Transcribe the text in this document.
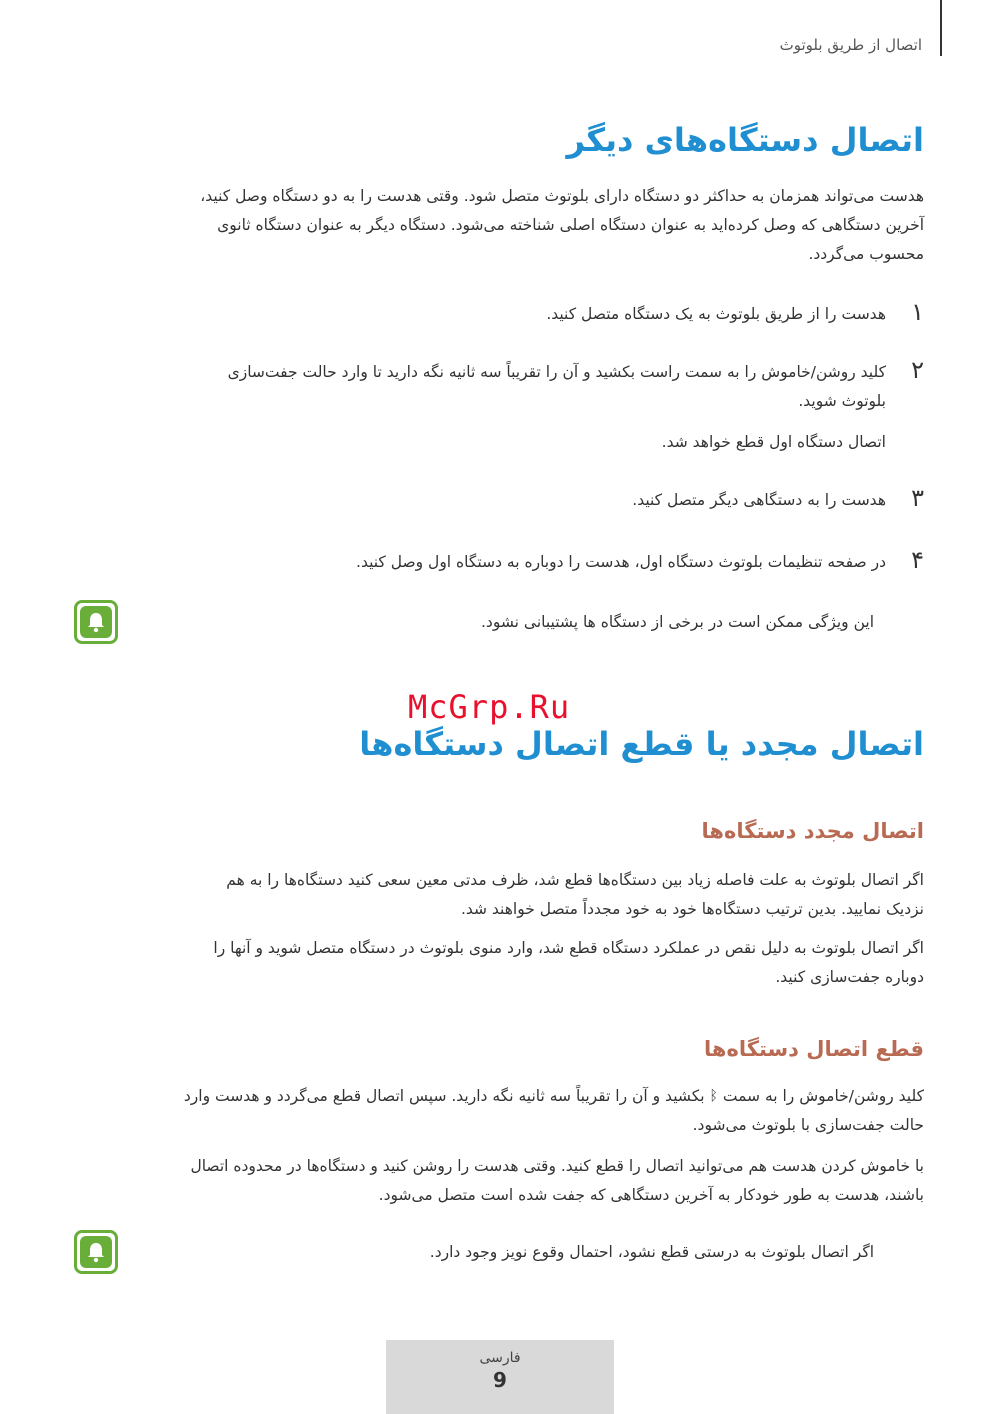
اتصال از طریق بلوتوث
اتصال دستگاه‌های دیگر
هدست می‌تواند همزمان به حداکثر دو دستگاه دارای بلوتوث متصل شود. وقتی هدست را به دو دستگاه وصل کنید،
آخرین دستگاهی که وصل کرده‌اید به عنوان دستگاه اصلی شناخته می‌شود. دستگاه دیگر به عنوان دستگاه ثانوی
محسوب می‌گردد.
۱
هدست را از طریق بلوتوث به یک دستگاه متصل کنید.
۲
کلید روشن/خاموش را به سمت راست بکشید و آن را تقریباً سه ثانیه نگه دارید تا وارد حالت جفت‌سازی
بلوتوث شوید.
اتصال دستگاه اول قطع خواهد شد.
۳
هدست را به دستگاهی دیگر متصل کنید.
۴
در صفحه تنظیمات بلوتوث دستگاه اول، هدست را دوباره به دستگاه اول وصل کنید.
این ویژگی ممکن است در برخی از دستگاه ها پشتیبانی نشود.
McGrp.Ru
اتصال مجدد یا قطع اتصال دستگاه‌ها
اتصال مجدد دستگاه‌ها
اگر اتصال بلوتوث به علت فاصله زیاد بین دستگاه‌ها قطع شد، ظرف مدتی معین سعی کنید دستگاه‌ها را به هم
نزدیک نمایید. بدین ترتیب دستگاه‌ها خود به خود مجدداً متصل خواهند شد.
اگر اتصال بلوتوث به دلیل نقص در عملکرد دستگاه قطع شد، وارد منوی بلوتوث در دستگاه متصل شوید و آنها را
دوباره جفت‌سازی کنید.
قطع اتصال دستگاه‌ها
کلید روشن/خاموش را به سمت ᛒ بکشید و آن را تقریباً سه ثانیه نگه دارید. سپس اتصال قطع می‌گردد و هدست وارد
حالت جفت‌سازی با بلوتوث می‌شود.
با خاموش کردن هدست هم می‌توانید اتصال را قطع کنید. وقتی هدست را روشن کنید و دستگاه‌ها در محدوده اتصال
باشند، هدست به طور خودکار به آخرین دستگاهی که جفت شده است متصل می‌شود.
اگر اتصال بلوتوث به درستی قطع نشود، احتمال وقوع نویز وجود دارد.
فارسی
9
